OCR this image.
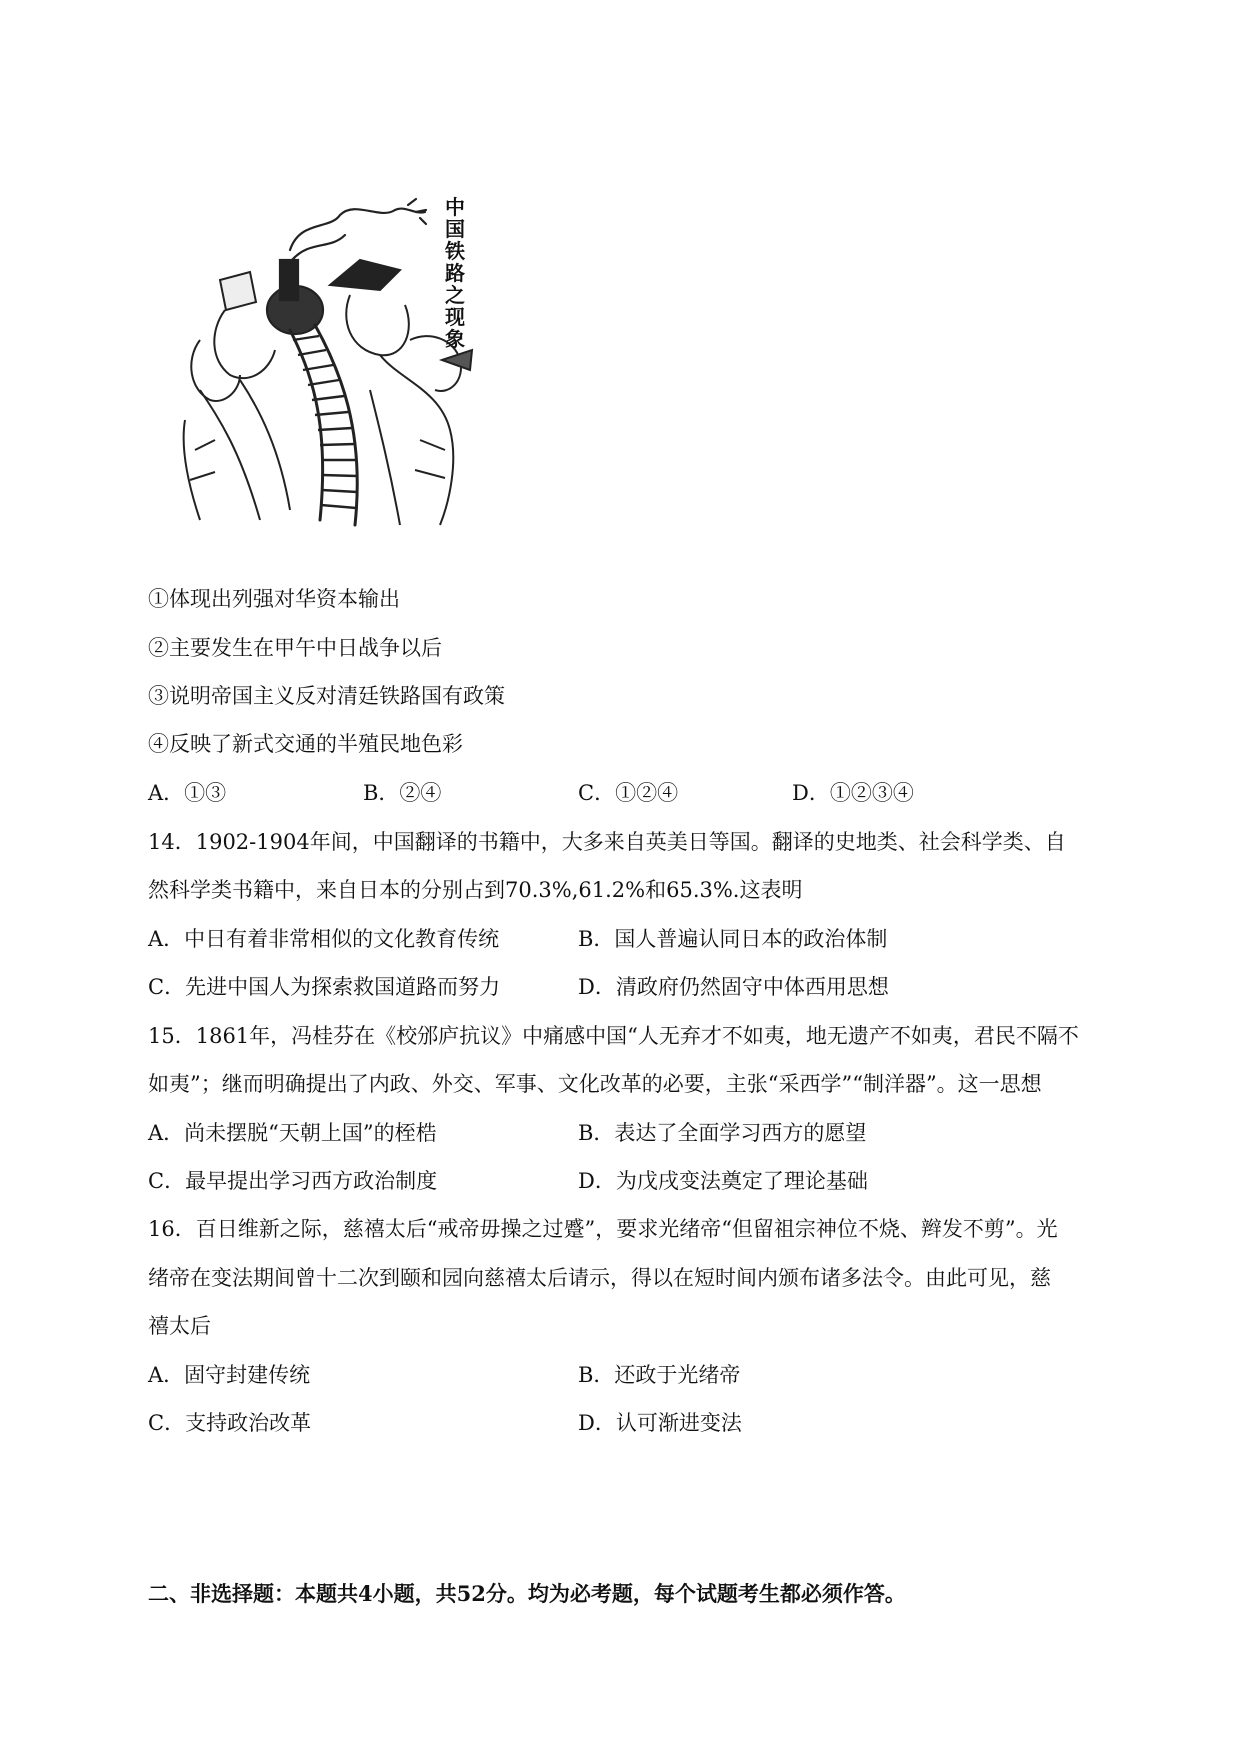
中
国
铁
路
之
现
象
①体现出列强对华资本输出
②主要发生在甲午中日战争以后
③说明帝国主义反对清廷铁路国有政策
④反映了新式交通的半殖民地色彩
A．①③	B．②④	C．①②④	D．①②③④
14．1902-1904年间，中国翻译的书籍中，大多来自英美日等国。翻译的史地类、社会科学类、自
然科学类书籍中，来自日本的分别占到70.3%,61.2%和65.3%.这表明
A．中日有着非常相似的文化教育传统	B．国人普遍认同日本的政治体制
C．先进中国人为探索救国道路而努力	D．清政府仍然固守中体西用思想
15．1861年，冯桂芬在《校邠庐抗议》中痛感中国“人无弃才不如夷，地无遗产不如夷，君民不隔不
如夷”；继而明确提出了内政、外交、军事、文化改革的必要，主张“采西学”“制洋器”。这一思想
A．尚未摆脱“天朝上国”的桎梏	B．表达了全面学习西方的愿望
C．最早提出学习西方政治制度	D．为戊戌变法奠定了理论基础
16．百日维新之际，慈禧太后“戒帝毋操之过蹙”，要求光绪帝“但留祖宗神位不烧、辫发不剪”。光
绪帝在变法期间曾十二次到颐和园向慈禧太后请示，得以在短时间内颁布诸多法令。由此可见，慈
禧太后
A．固守封建传统	B．还政于光绪帝
C．支持政治改革	D．认可渐进变法
二、非选择题：本题共4小题，共52分。均为必考题，每个试题考生都必须作答。
